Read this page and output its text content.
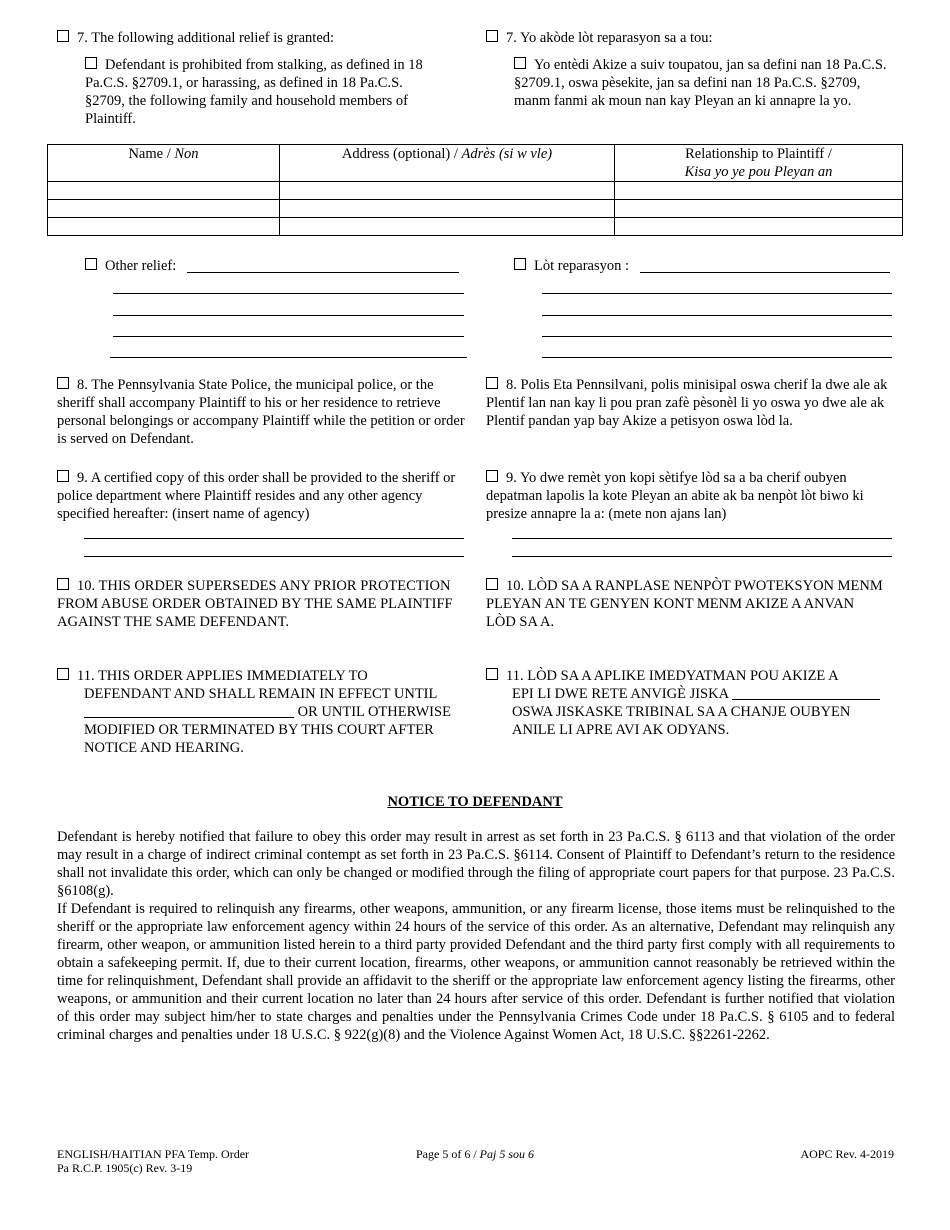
7. The following additional relief is granted:	7. Yo akòde lòt reparasyon sa a tou:
Defendant is prohibited from stalking, as defined in 18 Pa.C.S. §2709.1, or harassing, as defined in 18 Pa.C.S. §2709, the following family and household members of Plaintiff.
Yo entèdi Akize a suiv toupatou, jan sa defini nan 18 Pa.C.S. §2709.1, oswa pèsekite, jan sa defini nan 18 Pa.C.S. §2709, manm fanmi ak moun nan kay Pleyan an ki annapre la yo.
Name / Non	Address (optional) / Adrès (si w vle)	Relationship to Plaintiff /
Kisa yo ye pou Pleyan an

Other relief:	Lòt reparasyon :
8. The Pennsylvania State Police, the municipal police, or the sheriff shall accompany Plaintiff to his or her residence to retrieve personal belongings or accompany Plaintiff while the petition or order is served on Defendant.
8. Polis Eta Pennsilvani, polis minisipal oswa cherif la dwe ale ak Plentif lan nan kay li pou pran zafè pèsonèl li yo oswa yo dwe ale ak Plentif pandan yap bay Akize a petisyon oswa lòd la.
9. A certified copy of this order shall be provided to the sheriff or police department where Plaintiff resides and any other agency specified hereafter: (insert name of agency)
9. Yo dwe remèt yon kopi sètifye lòd sa a ba cherif oubyen depatman lapolis la kote Pleyan an abite ak ba nenpòt lòt biwo ki presize annapre la a: (mete non ajans lan)
10. THIS ORDER SUPERSEDES ANY PRIOR PROTECTION FROM ABUSE ORDER OBTAINED BY THE SAME PLAINTIFF AGAINST THE SAME DEFENDANT.
10. LÒD SA A RANPLASE NENPÒT PWOTEKSYON MENM PLEYAN AN TE GENYEN KONT MENM AKIZE A ANVAN LÒD SA A.
11. THIS ORDER APPLIES IMMEDIATELY TO
DEFENDANT AND SHALL REMAIN IN EFFECT UNTIL
OR UNTIL OTHERWISE
MODIFIED OR TERMINATED BY THIS COURT AFTER
NOTICE AND HEARING.
11. LÒD SA A APLIKE IMEDYATMAN POU AKIZE A
EPI LI DWE RETE ANVIGÈ JISKA
OSWA JISKASKE TRIBINAL SA A CHANJE OUBYEN
ANILE LI APRE AVI AK ODYANS.
NOTICE TO DEFENDANT
Defendant is hereby notified that failure to obey this order may result in arrest as set forth in 23 Pa.C.S. § 6113 and that violation of the order may result in a charge of indirect criminal contempt as set forth in 23 Pa.C.S. §6114. Consent of Plaintiff to Defendant’s return to the residence shall not invalidate this order, which can only be changed or modified through the filing of appropriate court papers for that purpose. 23 Pa.C.S. §6108(g).
If Defendant is required to relinquish any firearms, other weapons, ammunition, or any firearm license, those items must be relinquished to the sheriff or the appropriate law enforcement agency within 24 hours of the service of this order. As an alternative, Defendant may relinquish any firearm, other weapon, or ammunition listed herein to a third party provided Defendant and the third party first comply with all requirements to obtain a safekeeping permit. If, due to their current location, firearms, other weapons, or ammunition cannot reasonably be retrieved within the time for relinquishment, Defendant shall provide an affidavit to the sheriff or the appropriate law enforcement agency listing the firearms, other weapons, or ammunition and their current location no later than 24 hours after service of this order. Defendant is further notified that violation of this order may subject him/her to state charges and penalties under the Pennsylvania Crimes Code under 18 Pa.C.S. § 6105 and to federal criminal charges and penalties under 18 U.S.C. § 922(g)(8) and the Violence Against Women Act, 18 U.S.C. §§2261-2262.
ENGLISH/HAITIAN PFA Temp. Order
Pa R.C.P. 1905(c) Rev. 3-19
Page 5 of 6 / Paj 5 sou 6	AOPC Rev. 4-2019
